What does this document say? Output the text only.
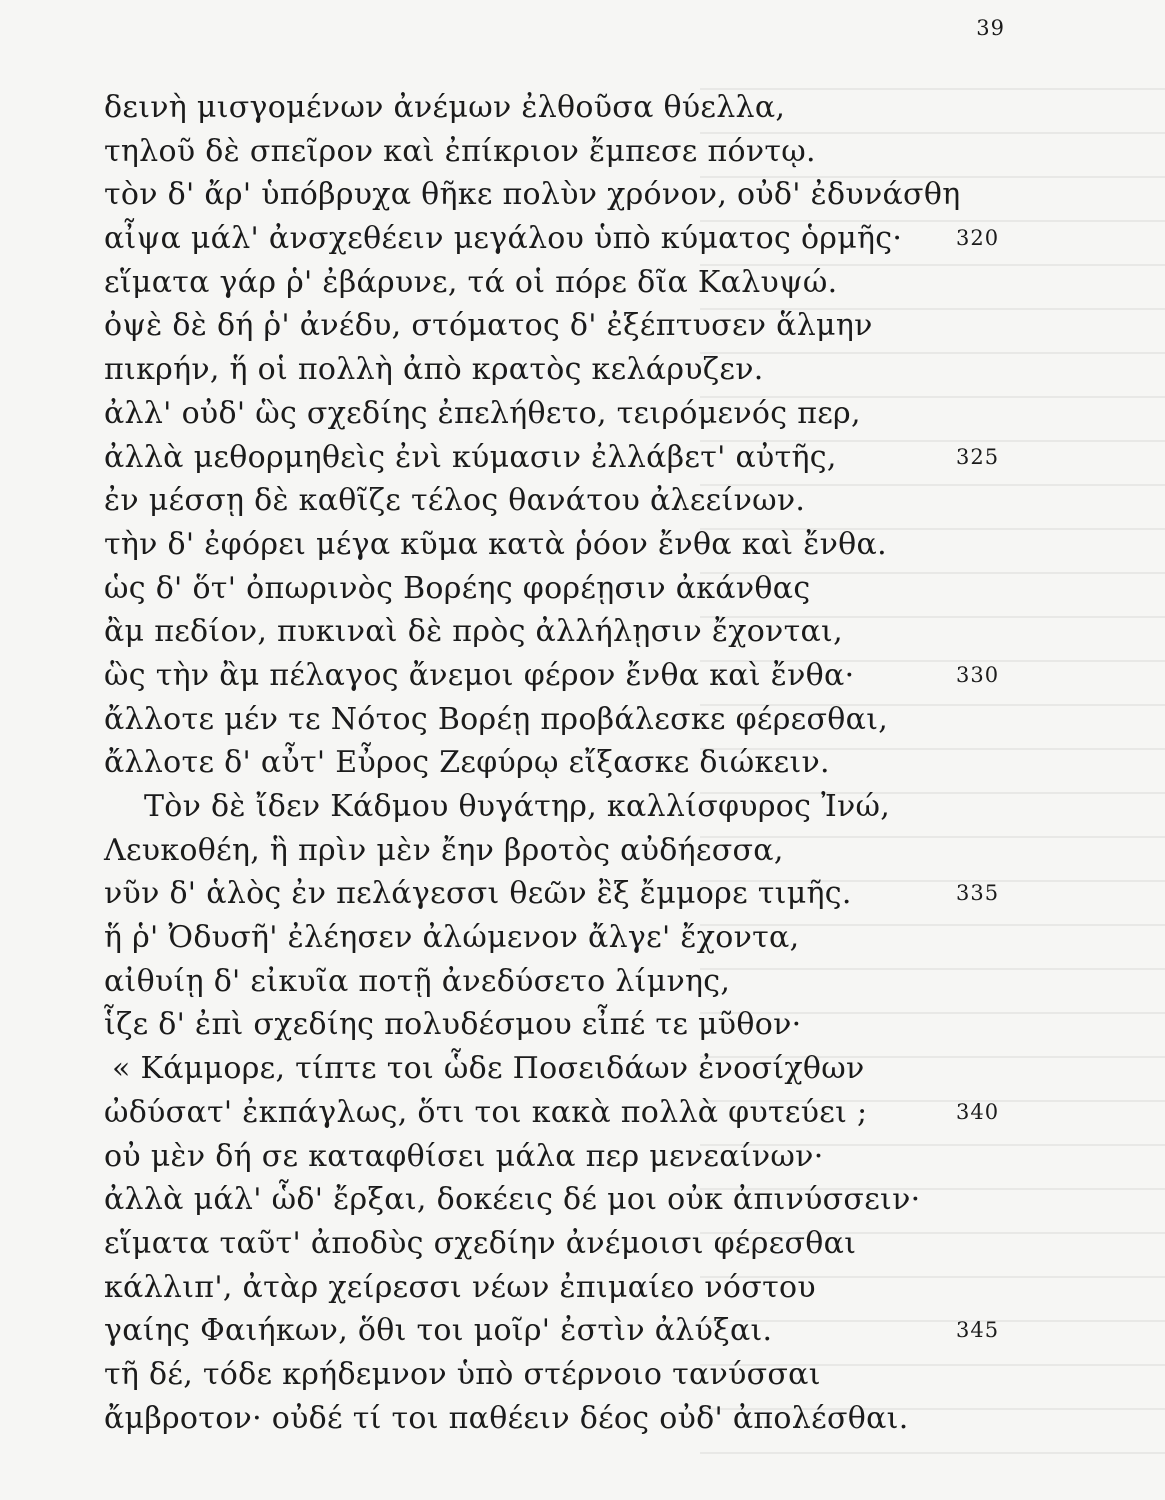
39
δεινὴ μισγομένων ἀνέμων ἐλθοῦσα θύελλα,
τηλοῦ δὲ σπεῖρον καὶ ἐπίκριον ἔμπεσε πόντῳ.
τὸν δ' ἄρ' ὑπόβρυχα θῆκε πολὺν χρόνον, οὐδ' ἐδυνάσθη
αἶψα μάλ' ἀνσχεθέειν μεγάλου ὑπὸ κύματος ὁρμῆς·	320
εἵματα γάρ ῥ' ἐβάρυνε, τά οἱ πόρε δῖα Καλυψώ.
ὀψὲ δὲ δή ῥ' ἀνέδυ, στόματος δ' ἐξέπτυσεν ἅλμην
πικρήν, ἥ οἱ πολλὴ ἀπὸ κρατὸς κελάρυζεν.
ἀλλ' οὐδ' ὣς σχεδίης ἐπελήθετο, τειρόμενός περ,
ἀλλὰ μεθορμηθεὶς ἐνὶ κύμασιν ἐλλάβετ' αὐτῆς,	325
ἐν μέσσῃ δὲ καθῖζε τέλος θανάτου ἀλεείνων.
τὴν δ' ἐφόρει μέγα κῦμα κατὰ ῥόον ἔνθα καὶ ἔνθα.
ὡς δ' ὅτ' ὀπωρινὸς Βορέης φορέῃσιν ἀκάνθας
ἂμ πεδίον, πυκιναὶ δὲ πρὸς ἀλλήλῃσιν ἔχονται,
ὣς τὴν ἂμ πέλαγος ἄνεμοι φέρον ἔνθα καὶ ἔνθα·	330
ἄλλοτε μέν τε Νότος Βορέῃ προβάλεσκε φέρεσθαι,
ἄλλοτε δ' αὖτ' Εὖρος Ζεφύρῳ εἴξασκε διώκειν.
Τὸν δὲ ἴδεν Κάδμου θυγάτηρ, καλλίσφυρος Ἰνώ,
Λευκοθέη, ἣ πρὶν μὲν ἔην βροτὸς αὐδήεσσα,
νῦν δ' ἁλὸς ἐν πελάγεσσι θεῶν ἒξ ἔμμορε τιμῆς.	335
ἥ ῥ' Ὀδυσῆ' ἐλέησεν ἀλώμενον ἄλγε' ἔχοντα,
αἰθυίῃ δ' εἰκυῖα ποτῇ ἀνεδύσετο λίμνης,
ἷζε δ' ἐπὶ σχεδίης πολυδέσμου εἶπέ τε μῦθον·
« Κάμμορε, τίπτε τοι ὧδε Ποσειδάων ἐνοσίχθων
ὠδύσατ' ἐκπάγλως, ὅτι τοι κακὰ πολλὰ φυτεύει ;	340
οὐ μὲν δή σε καταφθίσει μάλα περ μενεαίνων·
ἀλλὰ μάλ' ὧδ' ἔρξαι, δοκέεις δέ μοι οὐκ ἀπινύσσειν·
εἵματα ταῦτ' ἀποδὺς σχεδίην ἀνέμοισι φέρεσθαι
κάλλιπ', ἀτὰρ χείρεσσι νέων ἐπιμαίεο νόστου
γαίης Φαιήκων, ὅθι τοι μοῖρ' ἐστὶν ἀλύξαι.	345
τῆ δέ, τόδε κρήδεμνον ὑπὸ στέρνοιο τανύσσαι
ἄμβροτον· οὐδέ τί τοι παθέειν δέος οὐδ' ἀπολέσθαι.
